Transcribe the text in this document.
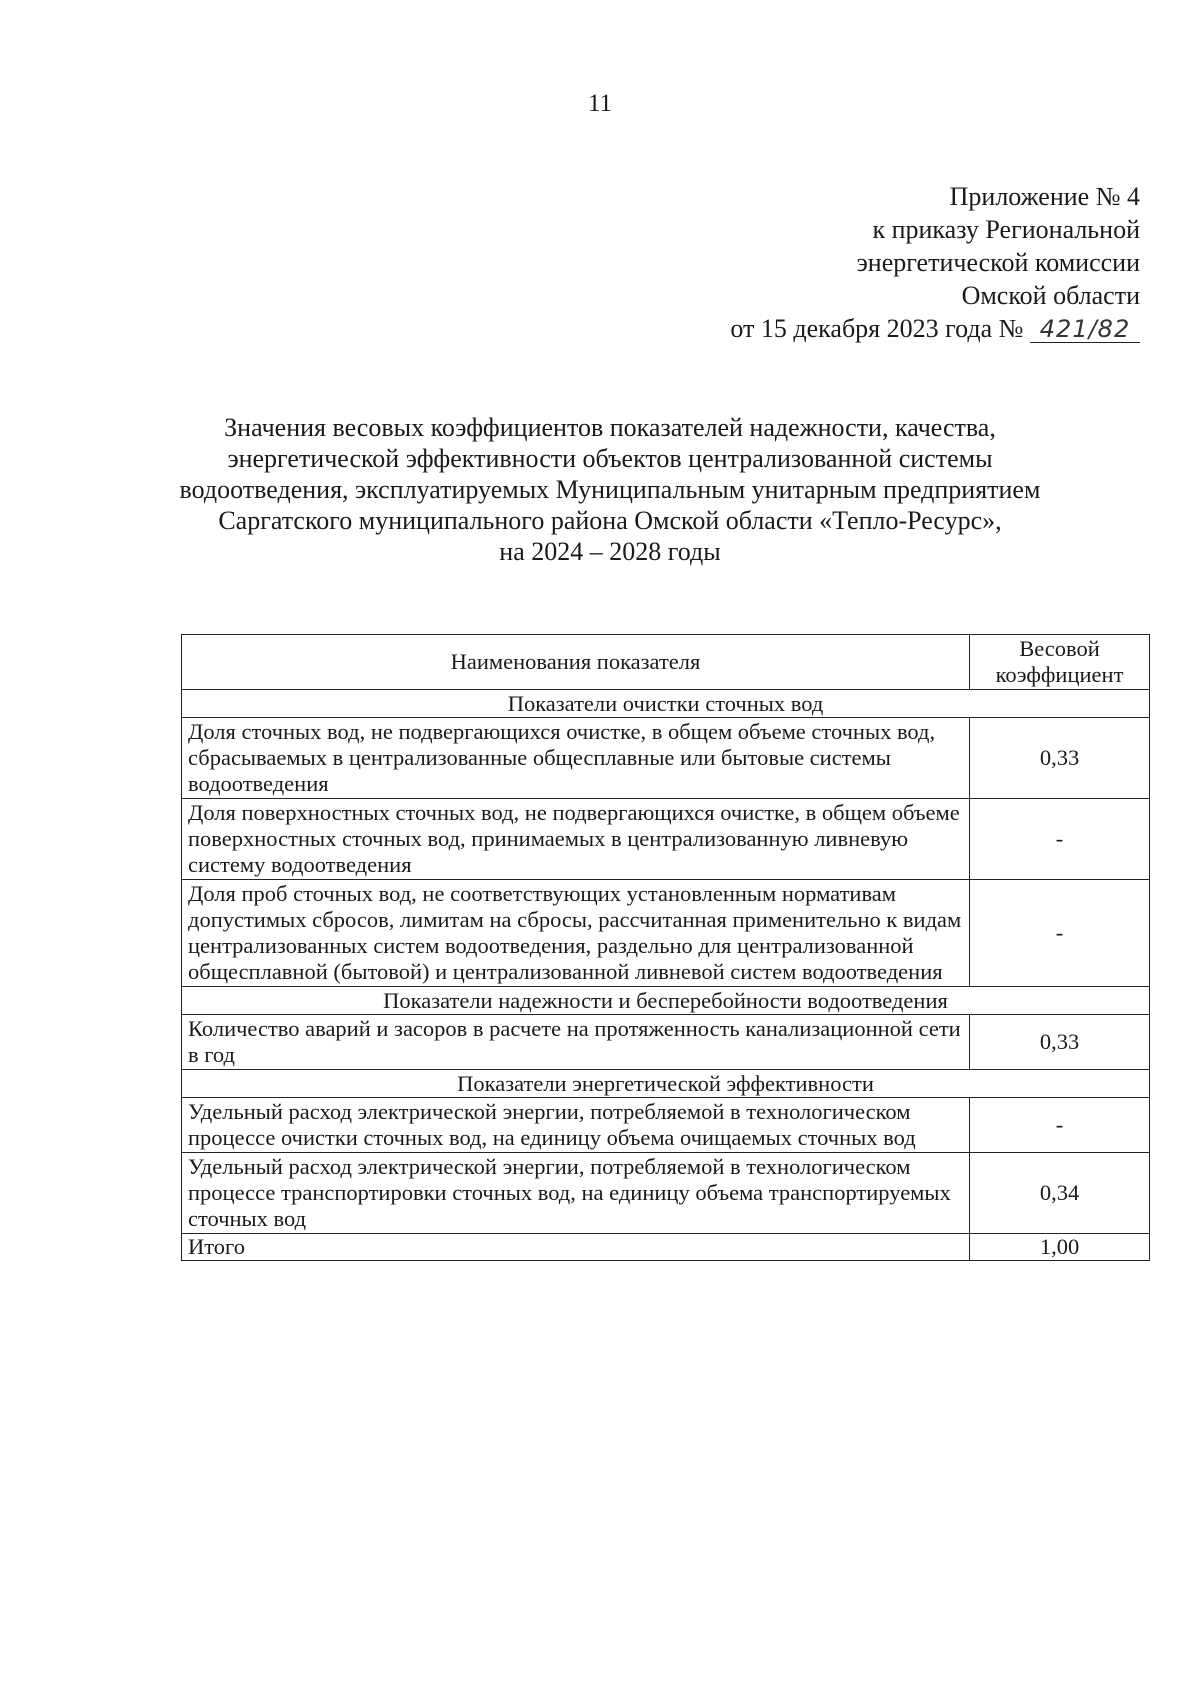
11
Приложение № 4
к приказу Региональной
энергетической комиссии
Омской области
от 15 декабря 2023 года № 421/82
Значения весовых коэффициентов показателей надежности, качества,
энергетической эффективности объектов централизованной системы
водоотведения, эксплуатируемых Муниципальным унитарным предприятием
Саргатского муниципального района Омской области «Тепло-Ресурс»,
на 2024 – 2028 годы
Наименования показателя	Весовой коэффициент
Показатели очистки сточных вод	
Доля сточных вод, не подвергающихся очистке, в общем объеме сточных вод, сбрасываемых в централизованные общесплавные или бытовые системы водоотведения	0,33
Доля поверхностных сточных вод, не подвергающихся очистке, в общем объеме поверхностных сточных вод, принимаемых в централизованную ливневую систему водоотведения	-
Доля проб сточных вод, не соответствующих установленным нормативам допустимых сбросов, лимитам на сбросы, рассчитанная применительно к видам централизованных систем водоотведения, раздельно для централизованной общесплавной (бытовой) и централизованной ливневой систем водоотведения	-
Показатели надежности и бесперебойности водоотведения	
Количество аварий и засоров в расчете на протяженность канализационной сети в год	0,33
Показатели энергетической эффективности	
Удельный расход электрической энергии, потребляемой в технологическом процессе очистки сточных вод, на единицу объема очищаемых сточных вод	-
Удельный расход электрической энергии, потребляемой в технологическом процессе транспортировки сточных вод, на единицу объема транспортируемых сточных вод	0,34
Итого	1,00
